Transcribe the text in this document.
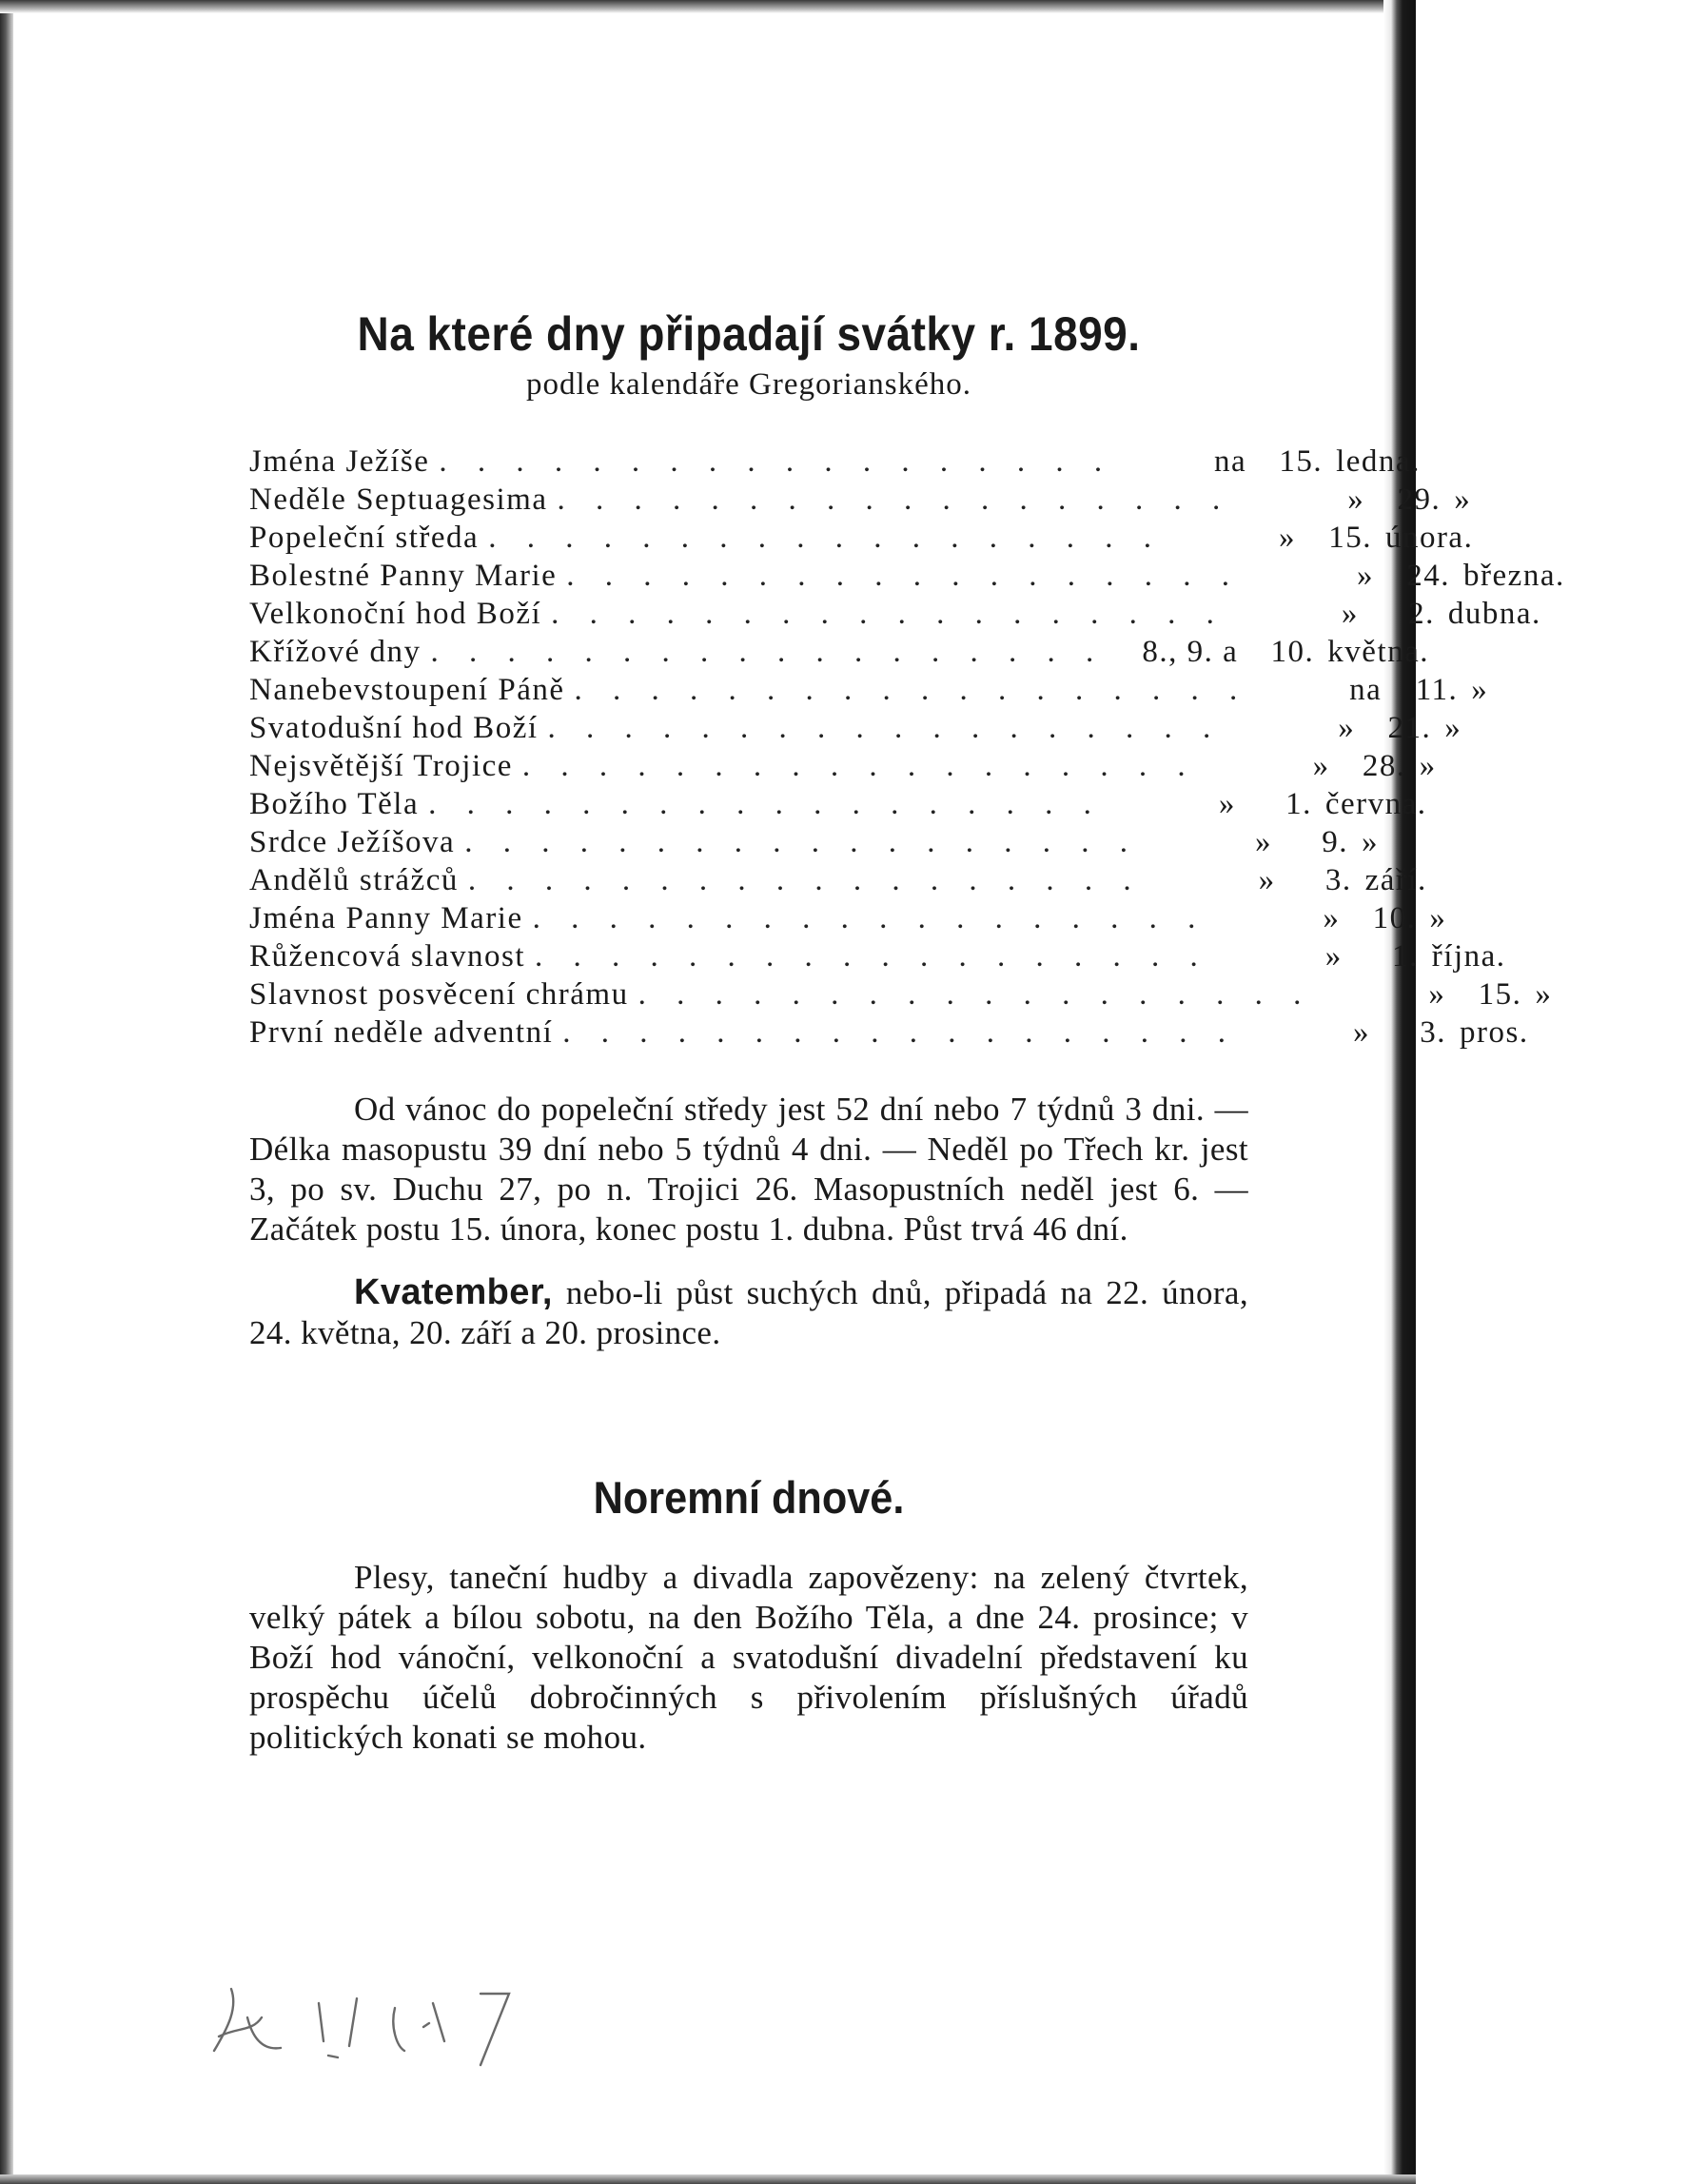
Na které dny připadají svátky r. 1899.
podle kalendáře Gregorianského.
Jména Ježíše . . . . . . . . . . . . . . . . . .	na	15. ledna.
Neděle Septuagesima . . . . . . . . . . . . . . . . . .	»	29. »
Popeleční středa . . . . . . . . . . . . . . . . . .	»	15. února.
Bolestné Panny Marie . . . . . . . . . . . . . . . . . .	»	24. března.
Velkonoční hod Boží . . . . . . . . . . . . . . . . . .	»	2. dubna.
Křížové dny . . . . . . . . . . . . . . . . . .	8., 9. a	10. května.
Nanebevstoupení Páně . . . . . . . . . . . . . . . . . .	na	11. »
Svatodušní hod Boží . . . . . . . . . . . . . . . . . .	»	21. »
Nejsvětější Trojice . . . . . . . . . . . . . . . . . .	»	28. »
Božího Těla . . . . . . . . . . . . . . . . . .	»	1. června.
Srdce Ježíšova . . . . . . . . . . . . . . . . . .	»	9. »
Andělů strážců . . . . . . . . . . . . . . . . . .	»	3. září.
Jména Panny Marie . . . . . . . . . . . . . . . . . .	»	10. »
Růžencová slavnost . . . . . . . . . . . . . . . . . .	»	1. října.
Slavnost posvěcení chrámu . . . . . . . . . . . . . . . . . .	»	15. »
První neděle adventní . . . . . . . . . . . . . . . . . .	»	3. pros.

Od vánoc do popeleční středy jest 52 dní nebo 7 týdnů 3 dni. — Délka masopustu 39 dní nebo 5 týdnů 4 dni. — Neděl po Třech kr. jest 3, po sv. Duchu 27, po n. Trojici 26. Masopustních neděl jest 6. — Začátek postu 15. února, konec postu 1. dubna. Půst trvá 46 dní.

Kvatember, nebo-li půst suchých dnů, připadá na 22. února, 24. května, 20. září a 20. prosince.

Noremní dnové.

Plesy, taneční hudby a divadla zapovězeny: na zelený čtvrtek, velký pátek a bílou sobotu, na den Božího Těla, a dne 24. prosince; v Boží hod vánoční, velkonoční a svatodušní divadelní představení ku prospěchu účelů dobročinných s přivolením příslušných úřadů politických konati se mohou.
